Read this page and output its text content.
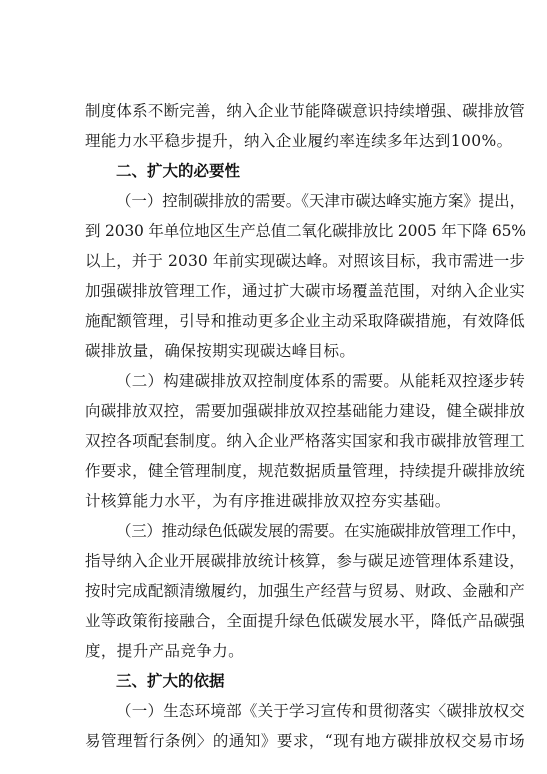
制度体系不断完善，纳入企业节能降碳意识持续增强、碳排放管
理能力水平稳步提升，纳入企业履约率连续多年达到100%。
二、扩大的必要性
（一）控制碳排放的需要。《天津市碳达峰实施方案》提出，
到 2030 年单位地区生产总值二氧化碳排放比 2005 年下降 65%
以上，并于 2030 年前实现碳达峰。对照该目标，我市需进一步
加强碳排放管理工作，通过扩大碳市场覆盖范围，对纳入企业实
施配额管理，引导和推动更多企业主动采取降碳措施，有效降低
碳排放量，确保按期实现碳达峰目标。
（二）构建碳排放双控制度体系的需要。从能耗双控逐步转
向碳排放双控，需要加强碳排放双控基础能力建设，健全碳排放
双控各项配套制度。纳入企业严格落实国家和我市碳排放管理工
作要求，健全管理制度，规范数据质量管理，持续提升碳排放统
计核算能力水平，为有序推进碳排放双控夯实基础。
（三）推动绿色低碳发展的需要。在实施碳排放管理工作中，
指导纳入企业开展碳排放统计核算，参与碳足迹管理体系建设，
按时完成配额清缴履约，加强生产经营与贸易、财政、金融和产
业等政策衔接融合，全面提升绿色低碳发展水平，降低产品碳强
度，提升产品竞争力。
三、扩大的依据
（一）生态环境部《关于学习宣传和贯彻落实〈碳排放权交
易管理暂行条例〉的通知》要求，“现有地方碳排放权交易市场
